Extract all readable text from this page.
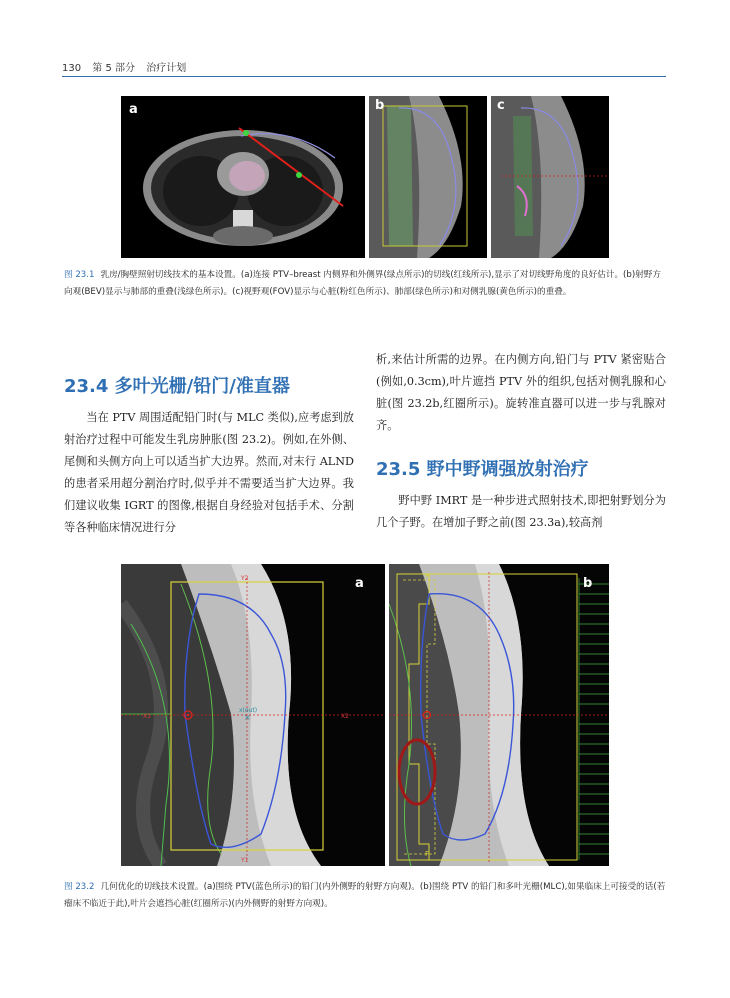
130 第 5 部分 治疗计划
a	b	c
图 23.1 乳房/胸壁照射切线技术的基本设置。(a)连接 PTV–breast 内侧界和外侧界(绿点所示)的切线(红线所示),显示了对切线野角度的良好估计。(b)射野方向观(BEV)显示与肺部的重叠(浅绿色所示)。(c)视野观(FOV)显示与心脏(粉红色所示)、肺部(绿色所示)和对侧乳腺(黄色所示)的重叠。
23.4 多叶光栅/铅门/准直器

当在 PTV 周围适配铅门时(与 MLC 类似),应考虑到放射治疗过程中可能发生乳房肿胀(图 23.2)。例如,在外侧、尾侧和头侧方向上可以适当扩大边界。然而,对末行 ALND 的患者采用超分割治疗时,似乎并不需要适当扩大边界。我们建议收集 IGRT 的图像,根据自身经验对包括手术、分割等各种临床情况进行分

析,来估计所需的边界。在内侧方向,铅门与 PTV 紧密贴合(例如,0.3cm),叶片遮挡 PTV 外的组织,包括对侧乳腺和心脏(图 23.2b,红圈所示)。旋转准直器可以进一步与乳腺对齐。

23.5 野中野调强放射治疗

野中野 IMRT 是一种步进式照射技术,即把射野划分为几个子野。在增加子野之前(图 23.3a),较高剂

x(out)
×
Y2
Y1
X1	X2
a	H
F
b
图 23.2 几何优化的切线技术设置。(a)围绕 PTV(蓝色所示)的铅门(内外侧野的射野方向观)。(b)围绕 PTV 的铅门和多叶光栅(MLC),如果临床上可接受的话(若瘤床不临近于此),叶片会遮挡心脏(红圈所示)(内外侧野的射野方向观)。
